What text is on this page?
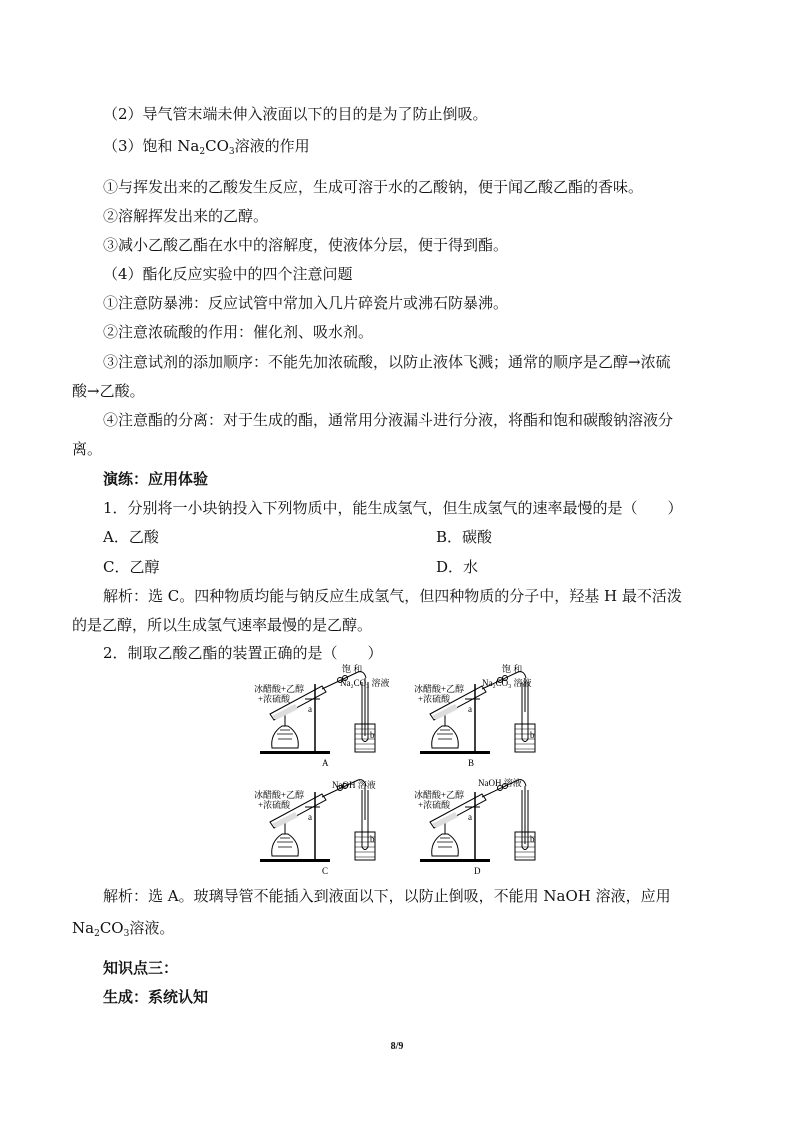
（2）导气管末端未伸入液面以下的目的是为了防止倒吸。
（3）饱和 $Na_2CO_3$溶液的作用
①与挥发出来的乙酸发生反应，生成可溶于水的乙酸钠，便于闻乙酸乙酯的香味。
②溶解挥发出来的乙醇。
③减小乙酸乙酯在水中的溶解度，使液体分层，便于得到酯。
（4）酯化反应实验中的四个注意问题
①注意防暴沸：反应试管中常加入几片碎瓷片或沸石防暴沸。
②注意浓硫酸的作用：催化剂、吸水剂。
③注意试剂的添加顺序：不能先加浓硫酸，以防止液体飞溅；通常的顺序是乙醇→浓硫
酸→乙酸。
④注意酯的分离：对于生成的酯，通常用分液漏斗进行分液，将酯和饱和碳酸钠溶液分
离。
演练：应用体验
1．分别将一小块钠投入下列物质中，能生成氢气，但生成氢气的速率最慢的是（　　）
A．乙酸	B．碳酸
C．乙醇	D．水
解析：选 C。四种物质均能与钠反应生成氢气，但四种物质的分子中，羟基 H 最不活泼
的是乙醇，所以生成氢气速率最慢的是乙醇。
2．制取乙酸乙酯的装置正确的是（　　）
冰醋酸+乙醇
+浓硫酸
饱 和
Na₂CO₃ 溶液
a
b
A
冰醋酸+乙醇
+浓硫酸
饱 和
Na₂CO₃ 溶液
a
b
B
冰醋酸+乙醇
+浓硫酸
NaOH 溶液
a
b
C
冰醋酸+乙醇
+浓硫酸
NaOH 溶液
a
b
D
解析：选 A。玻璃导管不能插入到液面以下，以防止倒吸，不能用 NaOH 溶液，应用
$Na_2CO_3$溶液。
知识点三：
生成：系统认知
8/9
